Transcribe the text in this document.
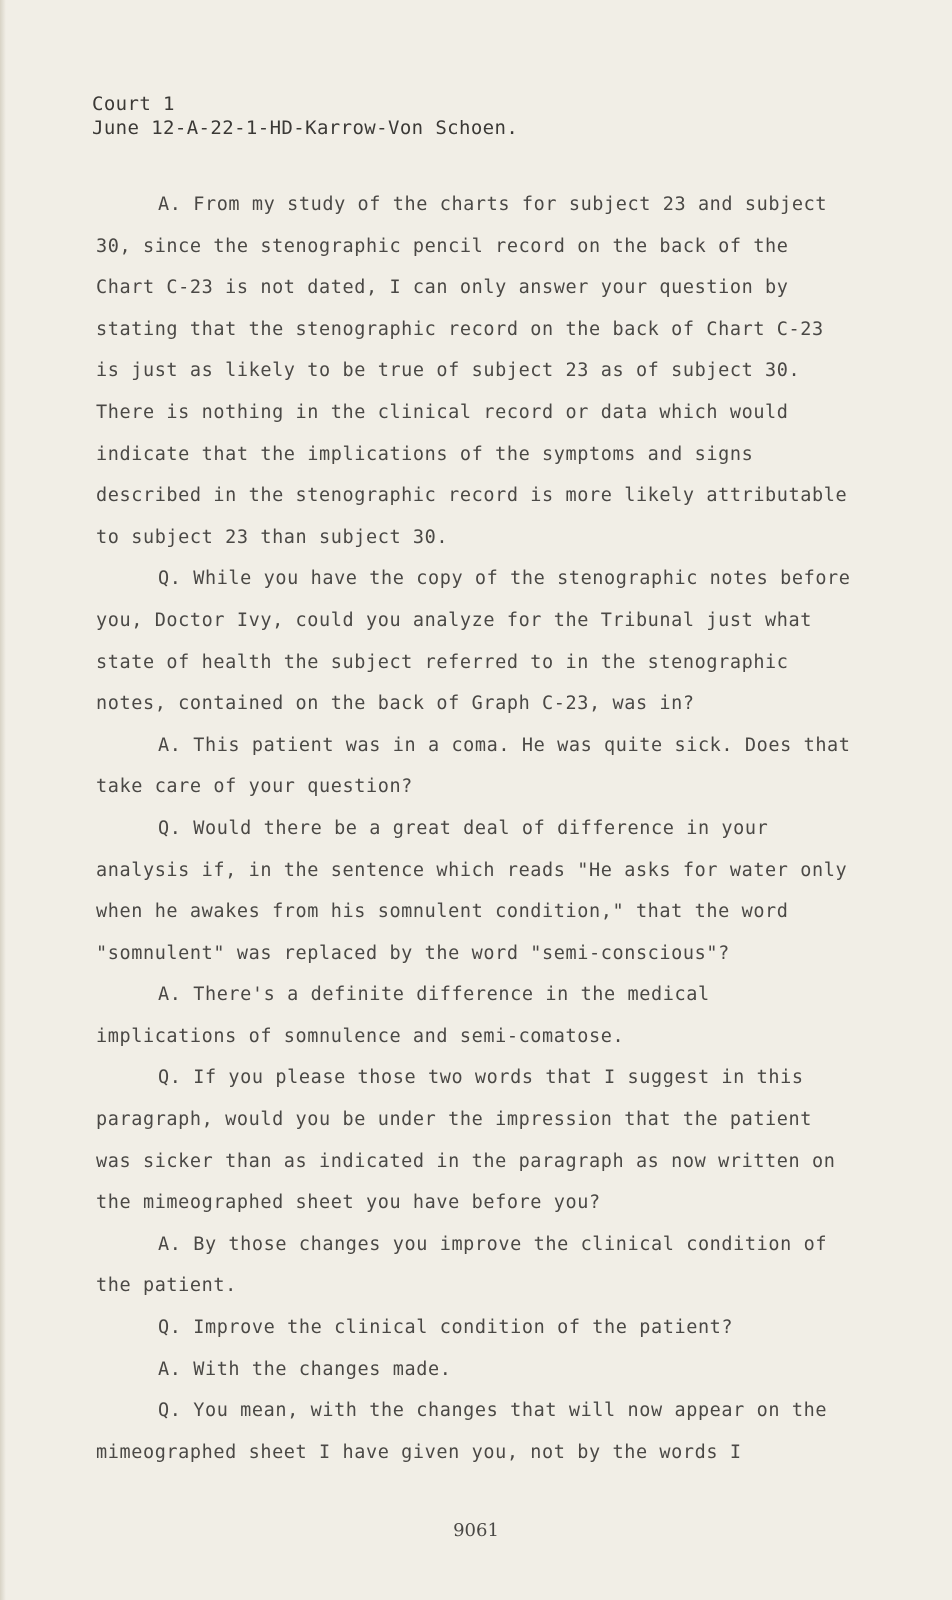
Court 1
June 12-A-22-1-HD-Karrow-Von Schoen.

A. From my study of the charts for subject 23 and subject 30, since the stenographic pencil record on the back of the Chart C-23 is not dated, I can only answer your question by stating that the stenographic record on the back of Chart C-23 is just as likely to be true of subject 23 as of subject 30. There is nothing in the clinical record or data which would indicate that the implications of the symptoms and signs described in the stenographic record is more likely attributable to subject 23 than subject 30.

Q. While you have the copy of the stenographic notes before you, Doctor Ivy, could you analyze for the Tribunal just what state of health the subject referred to in the stenographic notes, contained on the back of Graph C-23, was in?

A. This patient was in a coma. He was quite sick. Does that take care of your question?

Q. Would there be a great deal of difference in your analysis if, in the sentence which reads "He asks for water only when he awakes from his somnulent condition," that the word "somnulent" was replaced by the word "semi-conscious"?

A. There's a definite difference in the medical implications of somnulence and semi-comatose.

Q. If you please those two words that I suggest in this paragraph, would you be under the impression that the patient was sicker than as indicated in the paragraph as now written on the mimeographed sheet you have before you?

A. By those changes you improve the clinical condition of the patient.

Q. Improve the clinical condition of the patient?

A. With the changes made.

Q. You mean, with the changes that will now appear on the mimeographed sheet I have given you, not by the words I

9061
